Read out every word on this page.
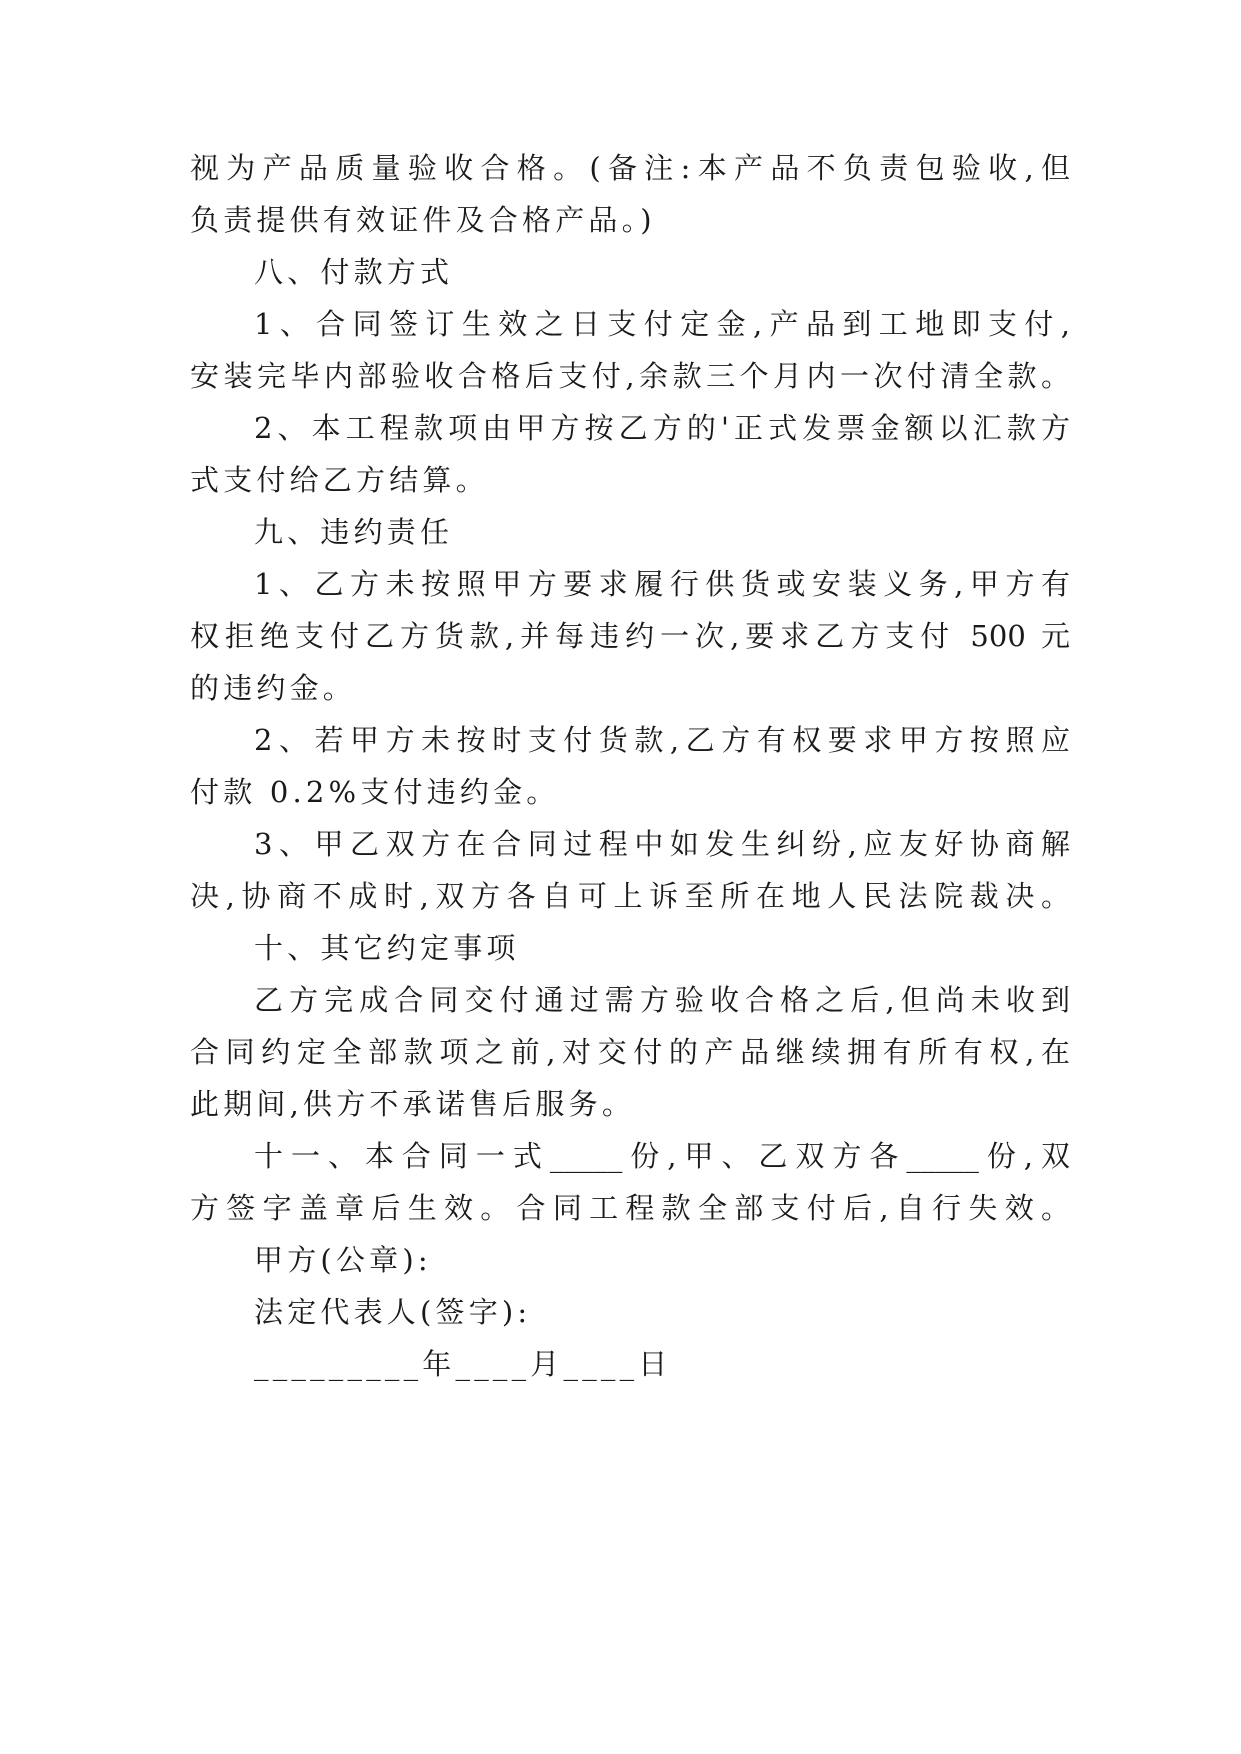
视为产品质量验收合格。(备注:本产品不负责包验收,但
负责提供有效证件及合格产品。)
八、付款方式
1、合同签订生效之日支付定金,产品到工地即支付,
安装完毕内部验收合格后支付,余款三个月内一次付清全款。
2、本工程款项由甲方按乙方的'正式发票金额以汇款方
式支付给乙方结算。
九、违约责任
1、乙方未按照甲方要求履行供货或安装义务,甲方有
权拒绝支付乙方货款,并每违约一次,要求乙方支付 500 元
的违约金。
2、若甲方未按时支付货款,乙方有权要求甲方按照应
付款 0.2%支付违约金。
3、甲乙双方在合同过程中如发生纠纷,应友好协商解
决,协商不成时,双方各自可上诉至所在地人民法院裁决。
十、其它约定事项
乙方完成合同交付通过需方验收合格之后,但尚未收到
合同约定全部款项之前,对交付的产品继续拥有所有权,在
此期间,供方不承诺售后服务。
十一、本合同一式_____份,甲、乙双方各_____份,双
方签字盖章后生效。合同工程款全部支付后,自行失效。
甲方(公章):
法定代表人(签字):
_________年____月____日
